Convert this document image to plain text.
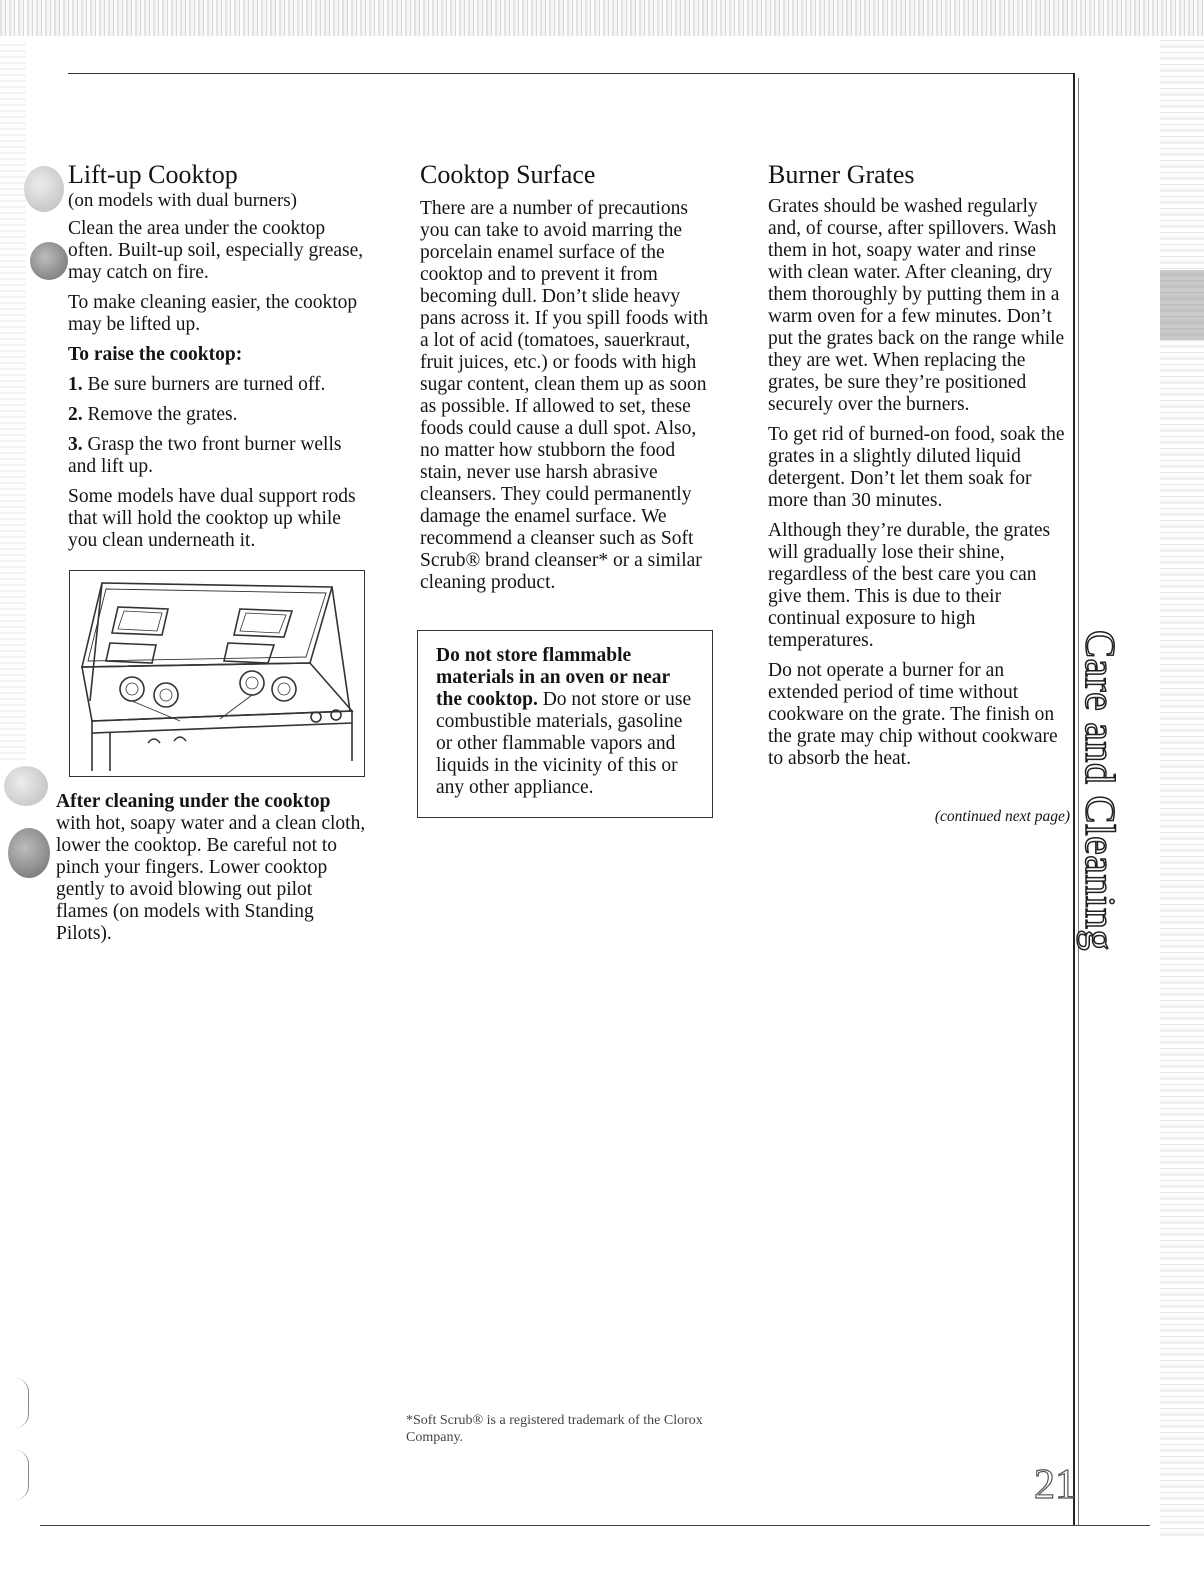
Care and Cleaning
Lift-up Cooktop

(on models with dual burners)

Clean the area under the cooktop often. Built-up soil, especially grease, may catch on fire.

To make cleaning easier, the cooktop may be lifted up.

To raise the cooktop:

1. Be sure burners are turned off.

2. Remove the grates.

3. Grasp the two front burner wells and lift up.

Some models have dual support rods that will hold the cooktop up while you clean underneath it.

After cleaning under the cooktop with hot, soapy water and a clean cloth, lower the cooktop. Be careful not to pinch your fingers. Lower cooktop gently to avoid blowing out pilot flames (on models with Standing Pilots).
Cooktop Surface

There are a number of precautions you can take to avoid marring the porcelain enamel surface of the cooktop and to prevent it from becoming dull. Don’t slide heavy pans across it. If you spill foods with a lot of acid (tomatoes, sauerkraut, fruit juices, etc.) or foods with high sugar content, clean them up as soon as possible. If allowed to set, these foods could cause a dull spot. Also, no matter how stubborn the food stain, never use harsh abrasive cleansers. They could permanently damage the enamel surface. We recommend a cleanser such as Soft Scrub® brand cleanser* or a similar cleaning product.

Do not store flammable materials in an oven or near the cooktop. Do not store or use combustible materials, gasoline or other flammable vapors and liquids in the vicinity of this or any other appliance.
Burner Grates

Grates should be washed regularly and, of course, after spillovers. Wash them in hot, soapy water and rinse with clean water. After cleaning, dry them thoroughly by putting them in a warm oven for a few minutes. Don’t put the grates back on the range while they are wet. When replacing the grates, be sure they’re positioned securely over the burners.

To get rid of burned-on food, soak the grates in a slightly diluted liquid detergent. Don’t let them soak for more than 30 minutes.

Although they’re durable, the grates will gradually lose their shine, regardless of the best care you can give them. This is due to their continual exposure to high temperatures.

Do not operate a burner for an extended period of time without cookware on the grate. The finish on the grate may chip without cookware to absorb the heat.

(continued next page)
*Soft Scrub® is a registered trademark of the Clorox Company.
21
